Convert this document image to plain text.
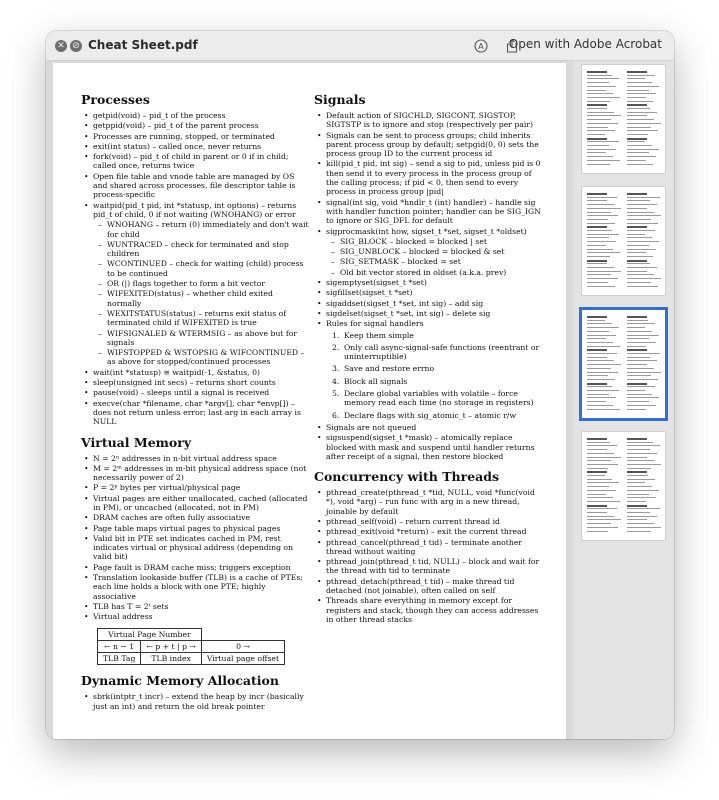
✕ ⊘ Cheat Sheet.pdf	A Open with Adobe Acrobat
Processes
• getpid(void) – pid_t of the process
• getppid(void) – pid_t of the parent process
• Processes are running, stopped, or terminated
• exit(int status) – called once, never returns
• fork(void) – pid_t of child in parent or 0 if in child; called once, returns twice
• Open file table and vnode table are managed by OS and shared across processes, file descriptor table is process-specific
• waitpid(pid_t pid, int *statusp, int options) – returns pid_t of child, 0 if not waiting (WNOHANG) or error
– WNOHANG – return (0) immediately and don't wait for child
– WUNTRACED – check for terminated and stop children
– WCONTINUED – check for waiting (child) process to be continued
– OR (|) flags together to form a bit vector
– WIFEXITED(status) – whether child exited normally
– WEXITSTATUS(status) – returns exit status of terminated child if WIFEXITED is true
– WIFSIGNALED & WTERMSIG – as above but for signals
– WIFSTOPPED & WSTOPSIG & WIFCONTINUED – as above for stopped/continued processes
• wait(int *statusp) ≅ waitpid(-1, &status, 0)
• sleep(unsigned int secs) – returns short counts
• pause(void) – sleeps until a signal is received
• execve(char *filename, char *argv[], char *envp[]) – does not return unless error; last arg in each array is NULL
Virtual Memory
• N = 2ⁿ addresses in n-bit virtual address space
• M = 2ᵐ addresses in m-bit physical address space (not necessarily power of 2)
• P = 2ᵖ bytes per virtual/physical page
• Virtual pages are either unallocated, cached (allocated in PM), or uncached (allocated, not in PM)
• DRAM caches are often fully associative
• Page table maps virtual pages to physical pages
• Valid bit in PTE set indicates cached in PM, rest indicates virtual or physical address (depending on valid bit)
• Page fault is DRAM cache miss; triggers exception
• Translation lookaside buffer (TLB) is a cache of PTEs; each line holds a block with one PTE; highly associative
• TLB has T = 2ᵗ sets
• Virtual address
Virtual Page Number		
← n − 1	← p + t | p →	0 →
TLB Tag	TLB index	Virtual page offset
Dynamic Memory Allocation
• sbrk(intptr_t incr) – extend the heap by incr (basically just an int) and return the old break pointer
Signals
• Default action of SIGCHLD, SIGCONT, SIGSTOP, SIGTSTP is to ignore and stop (respectively per pair)
• Signals can be sent to process groups; child inherits parent process group by default; setpgid(0, 0) sets the process group ID to the current process id
• kill(pid_t pid, int sig) – send a sig to pid, unless pid is 0 then send it to every process in the process group of the calling process; if pid < 0, then send to every process in process group |pid|
• signal(int sig, void *hndlr_t (int) handler) – handle sig with handler function pointer; handler can be SIG_IGN to ignore or SIG_DFL for default
• sigprocmask(int how, sigset_t *set, sigset_t *oldset)
– SIG_BLOCK – blocked = blocked | set
– SIG_UNBLOCK – blocked = blocked & set
– SIG_SETMASK – blocked = set
– Old bit vector stored in oldset (a.k.a. prev)
• sigemptyset(sigset_t *set)
• sigfillset(sigset_t *set)
• sigaddset(sigset_t *set, int sig) – add sig
• sigdelset(sigset_t *set, int sig) – delete sig
• Rules for signal handlers
1. Keep them simple
2. Only call async-signal-safe functions (reentrant or uninterruptible)
3. Save and restore errno
4. Block all signals
5. Declare global variables with volatile – force memory read each time (no storage in registers)
6. Declare flags with sig_atomic_t – atomic r/w
• Signals are not queued
• sigsuspend(sigset_t *mask) – atomically replace blocked with mask and suspend until handler returns after receipt of a signal, then restore blocked
Concurrency with Threads
• pthread_create(pthread_t *tid, NULL, void *func(void *), void *arg) – run func with arg in a new thread, joinable by default
• pthread_self(void) – return current thread id
• pthread_exit(void *return) – exit the current thread
• pthread_cancel(pthread_t tid) – terminate another thread without waiting
• pthread_join(pthread_t tid, NULL) – block and wait for the thread with tid to terminate
• pthread_detach(pthread_t tid) – make thread tid detached (not joinable), often called on self
• Threads share everything in memory except for registers and stack, though they can access addresses in other thread stacks
